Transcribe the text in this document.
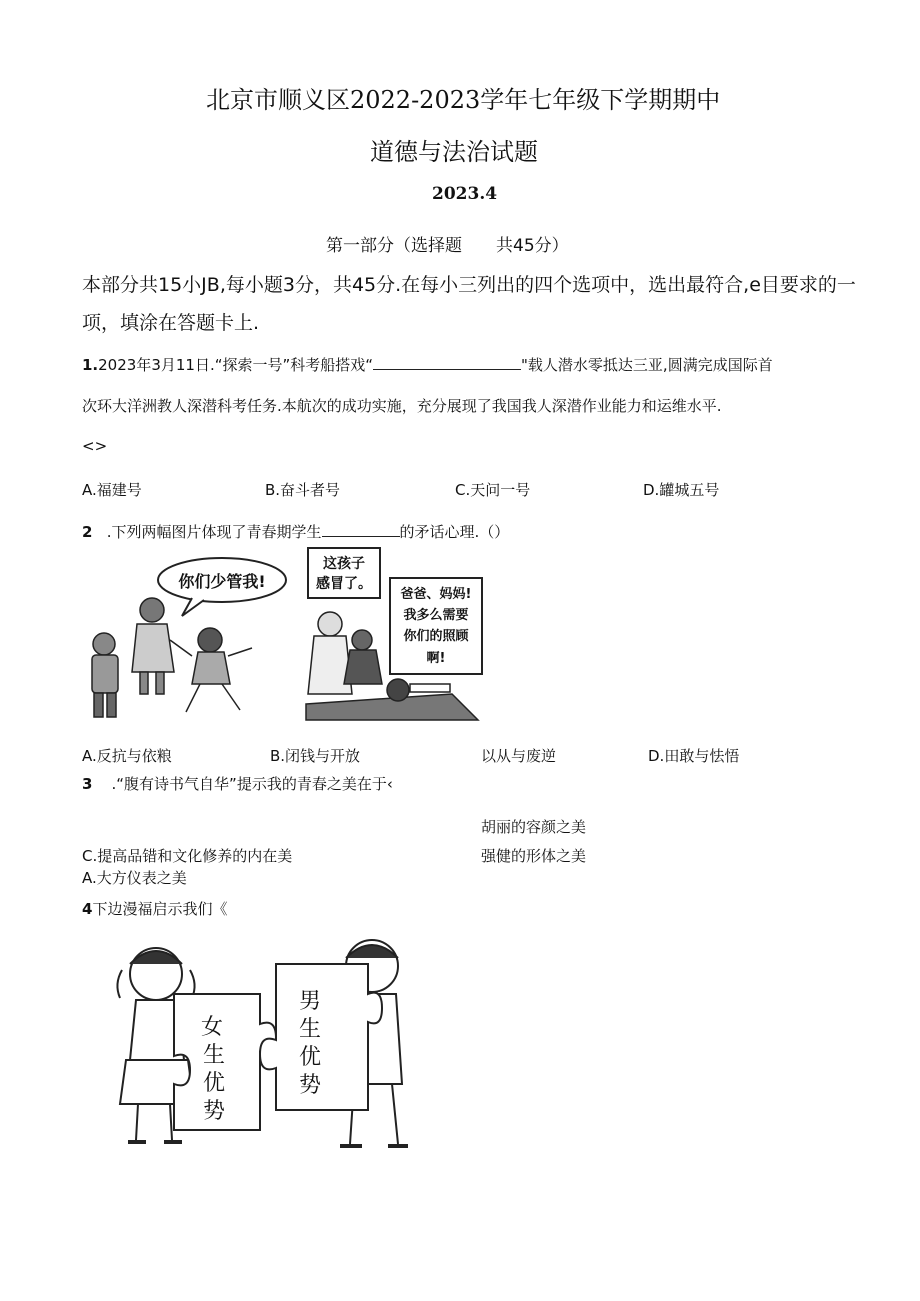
北京市顺义区2022-2023学年七年级下学期期中
道德与法治试题
2023.4
第一部分（选择题　　共45分）
本部分共15小JB,每小题3分，共45分.在每小三列出的四个选项中，选出最符合,e目要求的一
项，填涂在答题卡上.
1.2023年3月11日.“探索一号”科考船搭戏“	"载人潜水零抵达三亚,圆满完成国际首
次环大洋洲教人深潜科考任务.本航次的成功实施，充分展现了我国我人深潜作业能力和运维水平.
<>
A.福建号	B.奋斗者号	C.天问一号	D.罐城五号
2 .下列两幅图片体现了青春期学生	的矛话心理.（）
你们少管我!
这孩子
感冒了。
爸爸、妈妈!
我多么需要
你们的照顾
啊!
A.反抗与依粮	B.闭钱与开放	以从与废逆	D.田敢与怯悟
3 .“腹有诗书气自华”提示我的青春之美在于‹
胡丽的容颜之美
C.提高品错和文化修养的内在美	强健的形体之美
A.大方仪表之美
4下边漫福启示我们《
女
生
优
势
男
生
优
势
